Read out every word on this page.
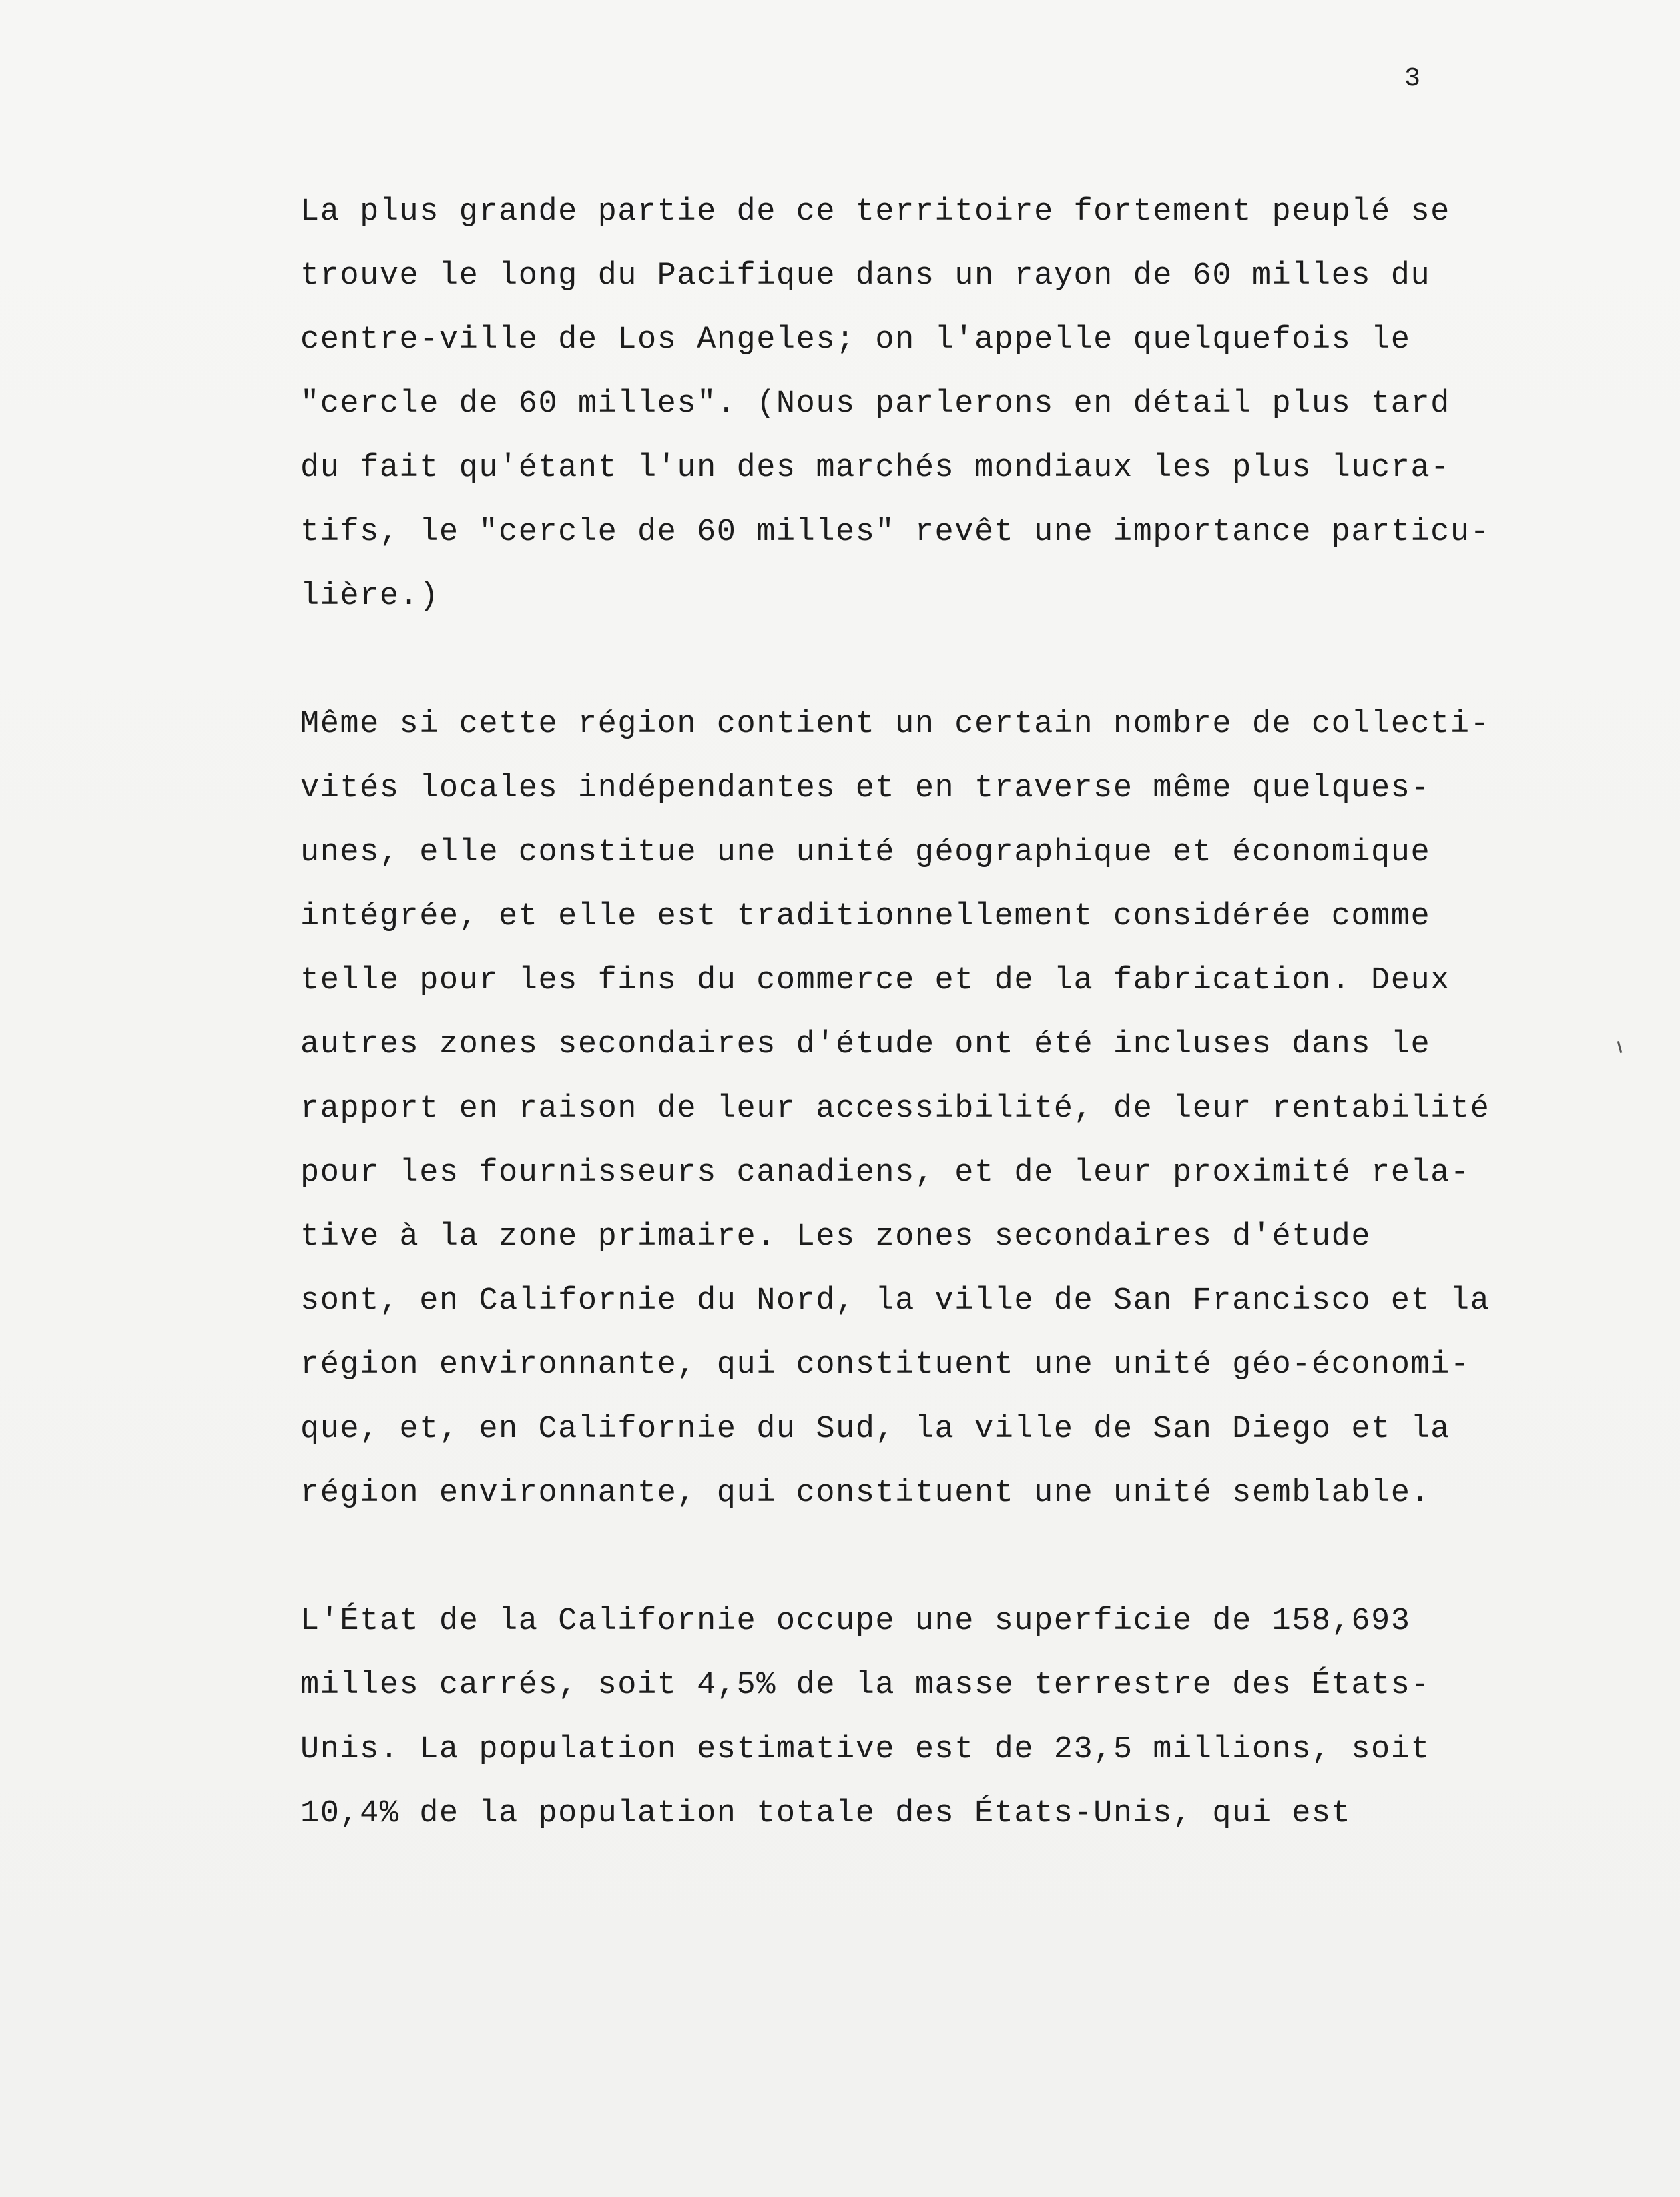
3
La plus grande partie de ce territoire fortement peuplé se
trouve le long du Pacifique dans un rayon de 60 milles du
centre-ville de Los Angeles; on l'appelle quelquefois le
"cercle de 60 milles". (Nous parlerons en détail plus tard
du fait qu'étant l'un des marchés mondiaux les plus lucra-
tifs, le "cercle de 60 milles" revêt une importance particu-
lière.)
Même si cette région contient un certain nombre de collecti-
vités locales indépendantes et en traverse même quelques-
unes, elle constitue une unité géographique et économique
intégrée, et elle est traditionnellement considérée comme
telle pour les fins du commerce et de la fabrication. Deux
autres zones secondaires d'étude ont été incluses dans le
rapport en raison de leur accessibilité, de leur rentabilité
pour les fournisseurs canadiens, et de leur proximité rela-
tive à la zone primaire. Les zones secondaires d'étude
sont, en Californie du Nord, la ville de San Francisco et la
région environnante, qui constituent une unité géo-économi-
que, et, en Californie du Sud, la ville de San Diego et la
région environnante, qui constituent une unité semblable.
L'État de la Californie occupe une superficie de 158,693
milles carrés, soit 4,5% de la masse terrestre des États-
Unis. La population estimative est de 23,5 millions, soit
10,4% de la population totale des États-Unis, qui est
